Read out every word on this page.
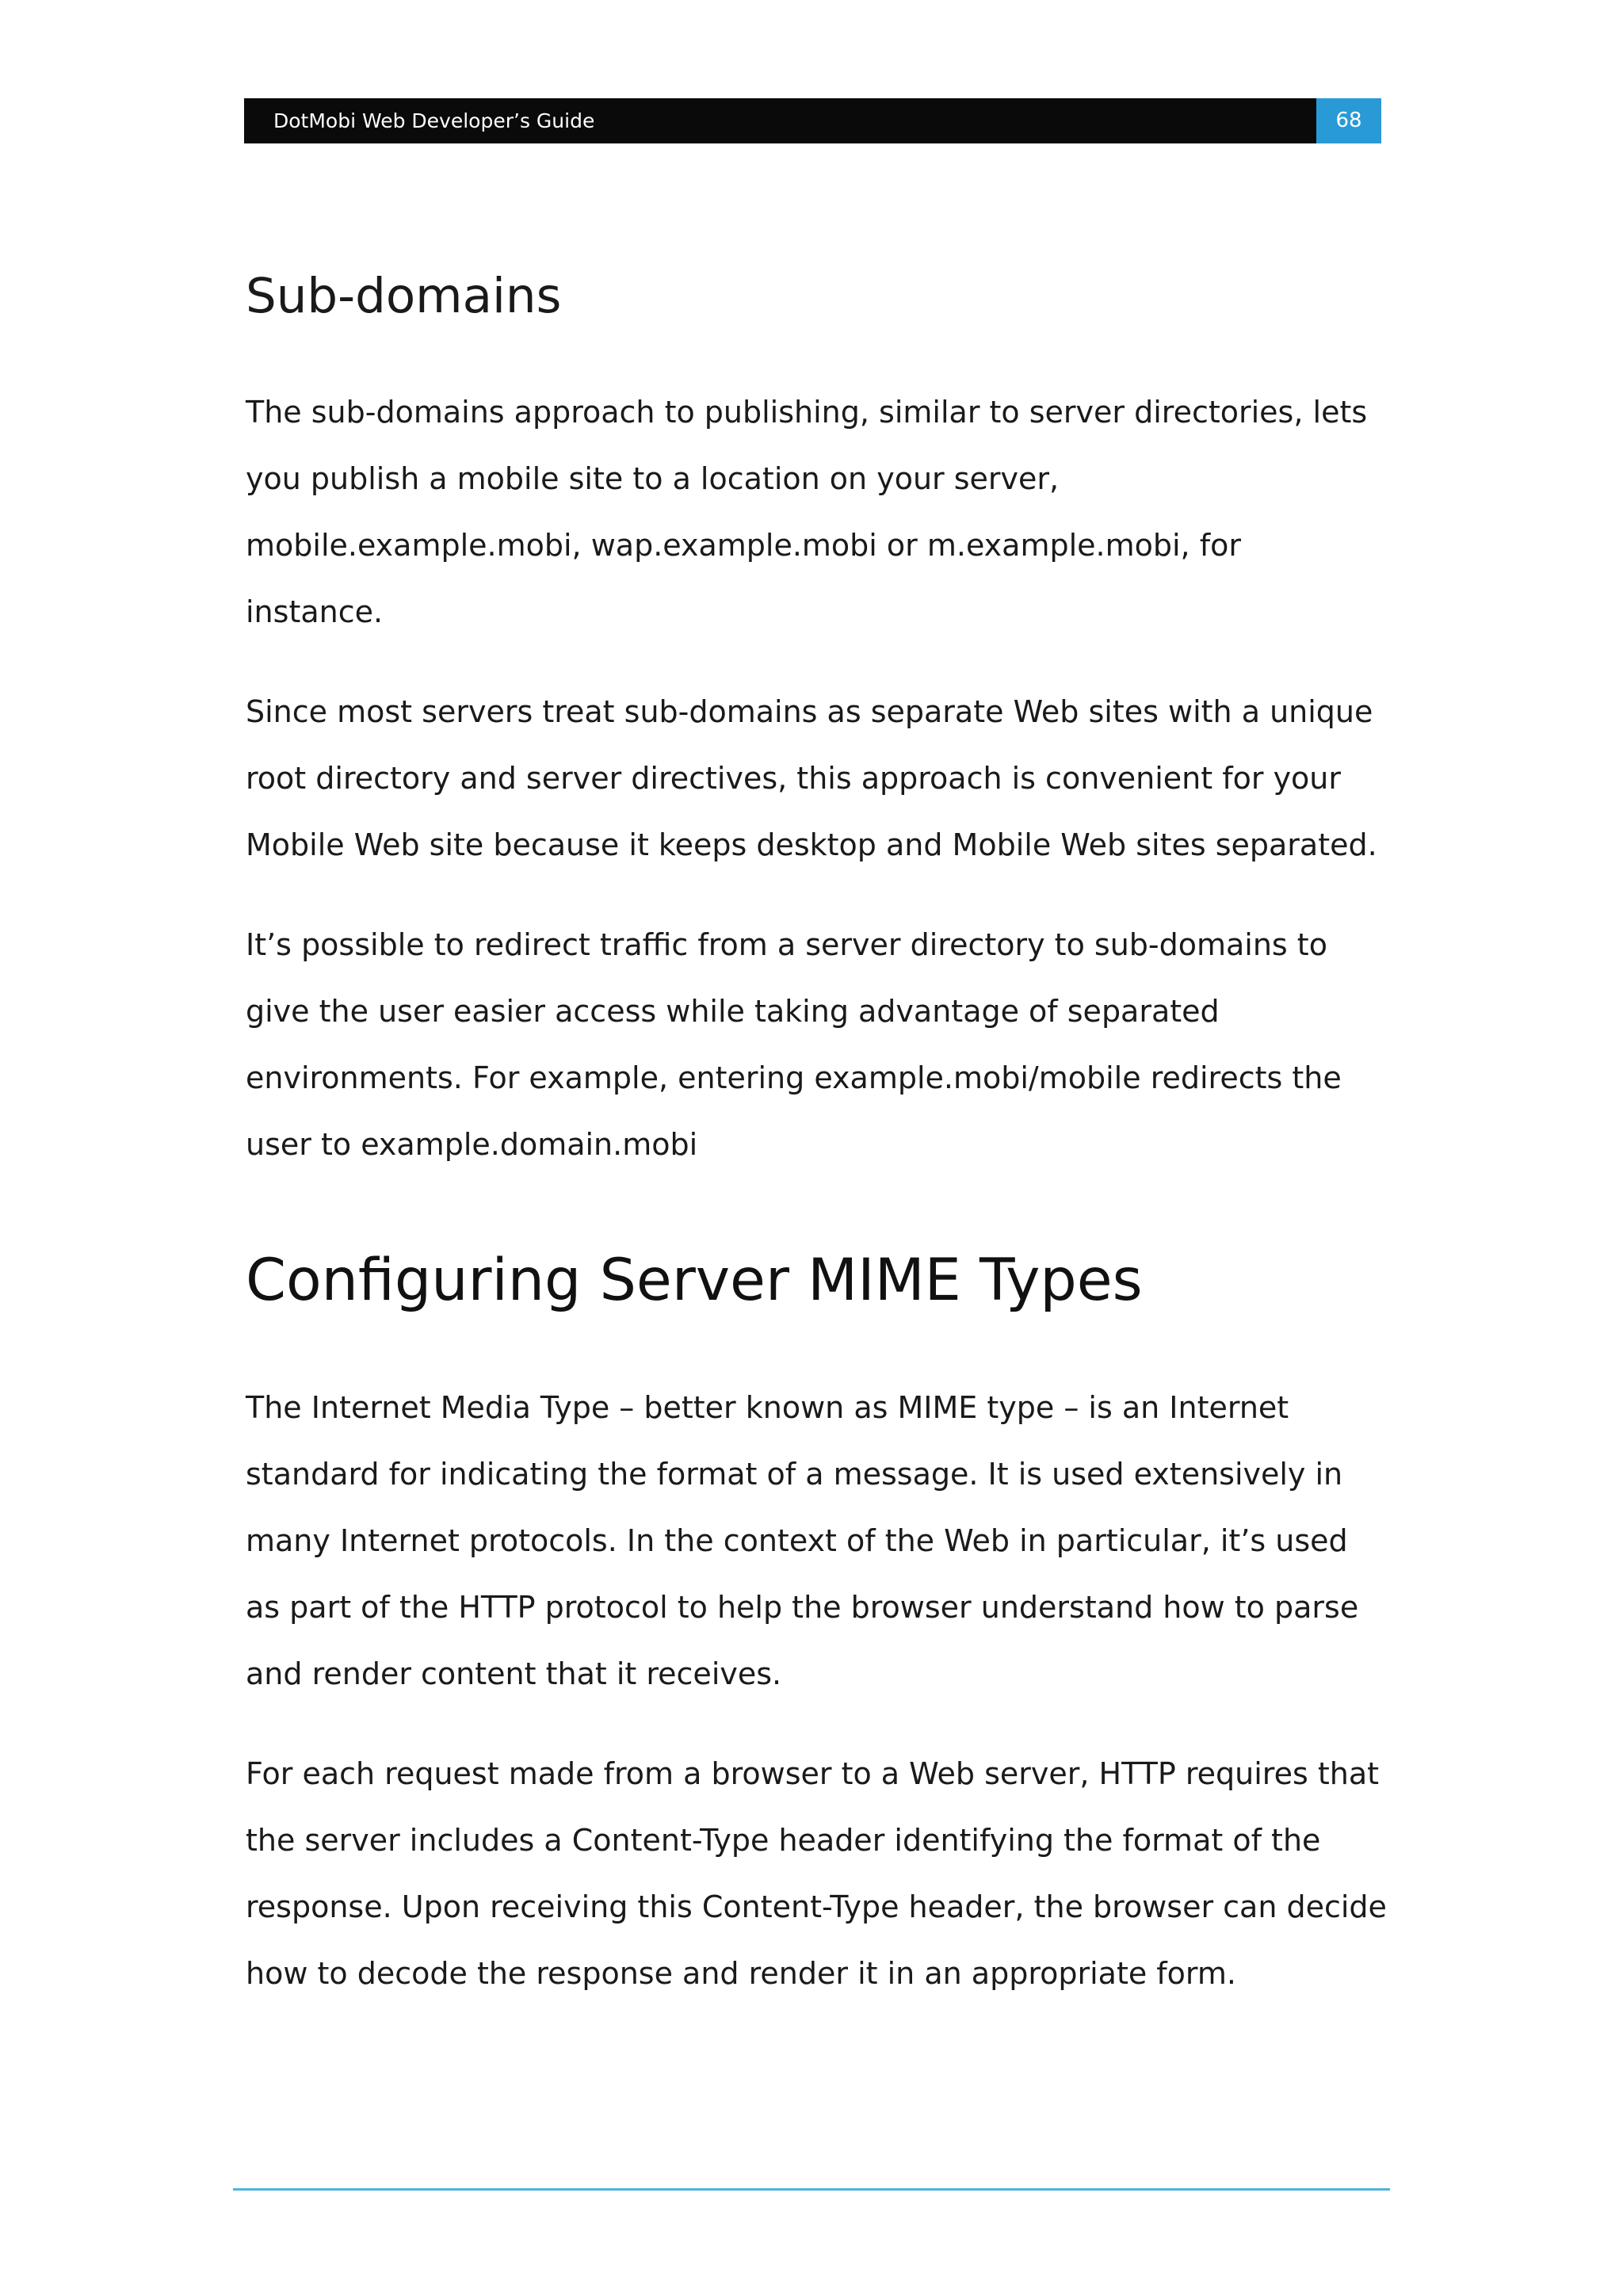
DotMobi Web Developer’s Guide	68
Sub-domains

The sub-domains approach to publishing, similar to server directories, lets you publish a mobile site to a location on your server, mobile.example.mobi, wap.example.mobi or m.example.mobi, for instance.

Since most servers treat sub-domains as separate Web sites with a unique root directory and server directives, this approach is convenient for your Mobile Web site because it keeps desktop and Mobile Web sites separated.

It’s possible to redirect traffic from a server directory to sub-domains to give the user easier access while taking advantage of separated environments. For example, entering example.mobi/mobile redirects the user to example.domain.mobi

Configuring Server MIME Types

The Internet Media Type – better known as MIME type – is an Internet standard for indicating the format of a message. It is used extensively in many Internet protocols. In the context of the Web in particular, it’s used as part of the HTTP protocol to help the browser understand how to parse and render content that it receives.

For each request made from a browser to a Web server, HTTP requires that the server includes a Content-Type header identifying the format of the response. Upon receiving this Content-Type header, the browser can decide how to decode the response and render it in an appropriate form.
